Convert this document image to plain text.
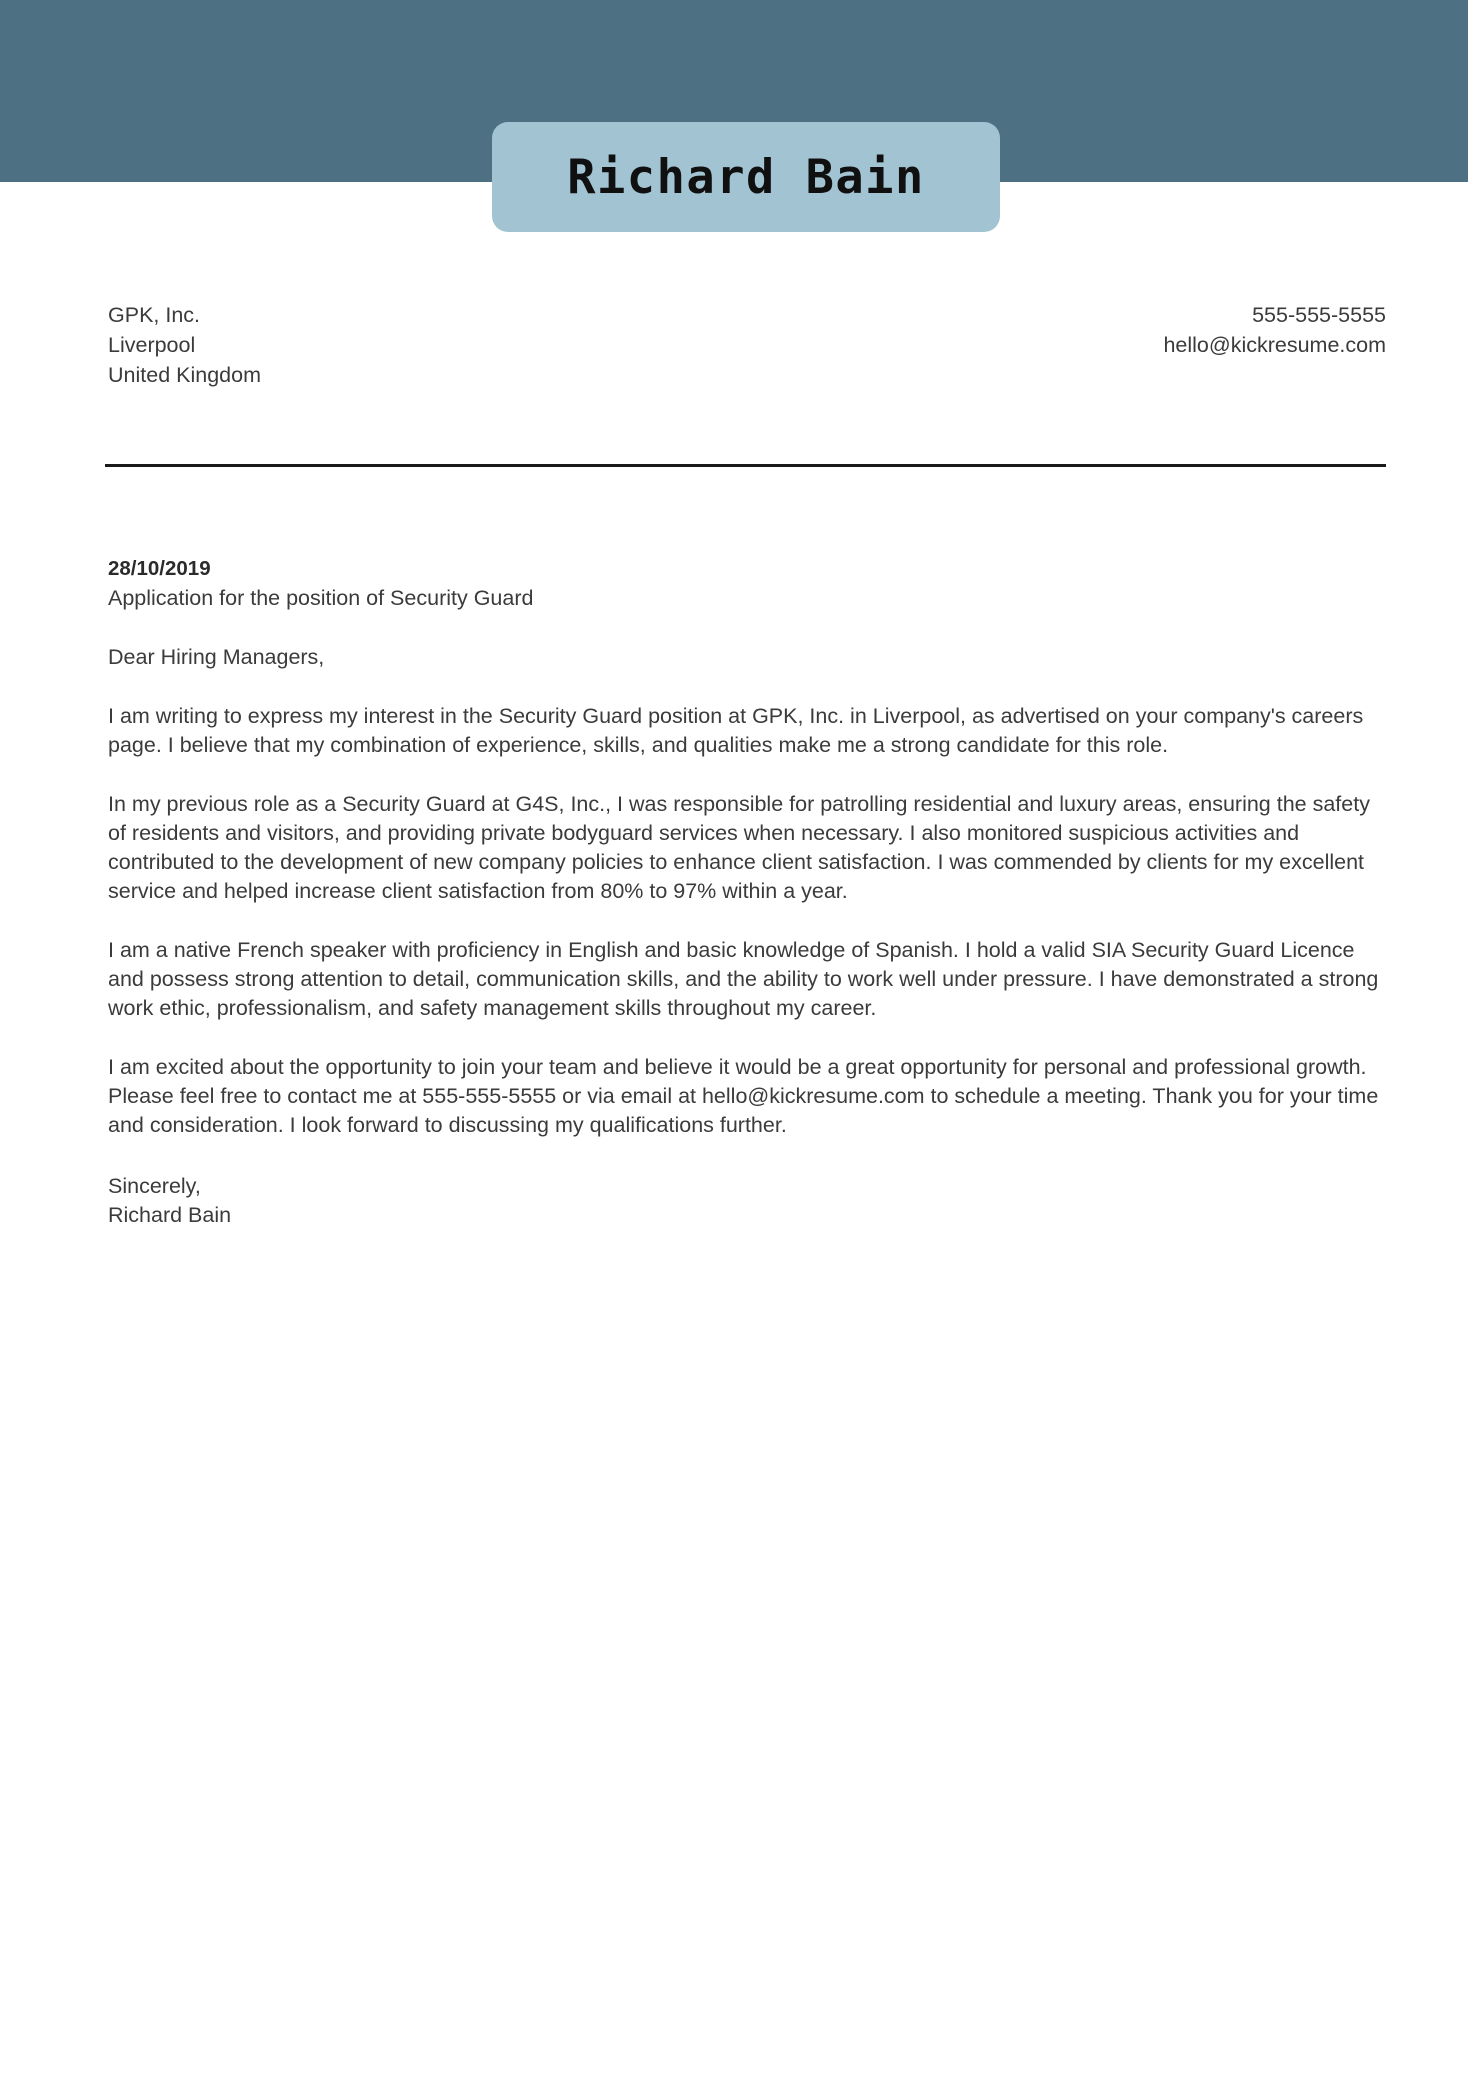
Richard Bain
GPK, Inc.
Liverpool
United Kingdom
555-555-5555
hello@kickresume.com
28/10/2019
Application for the position of Security Guard
Dear Hiring Managers,
I am writing to express my interest in the Security Guard position at GPK, Inc. in Liverpool, as advertised on your company's careers page. I believe that my combination of experience, skills, and qualities make me a strong candidate for this role.
In my previous role as a Security Guard at G4S, Inc., I was responsible for patrolling residential and luxury areas, ensuring the safety of residents and visitors, and providing private bodyguard services when necessary. I also monitored suspicious activities and contributed to the development of new company policies to enhance client satisfaction. I was commended by clients for my excellent service and helped increase client satisfaction from 80% to 97% within a year.
I am a native French speaker with proficiency in English and basic knowledge of Spanish. I hold a valid SIA Security Guard Licence and possess strong attention to detail, communication skills, and the ability to work well under pressure. I have demonstrated a strong work ethic, professionalism, and safety management skills throughout my career.
I am excited about the opportunity to join your team and believe it would be a great opportunity for personal and professional growth. Please feel free to contact me at 555-555-5555 or via email at hello@kickresume.com to schedule a meeting. Thank you for your time and consideration. I look forward to discussing my qualifications further.
Sincerely,
Richard Bain
